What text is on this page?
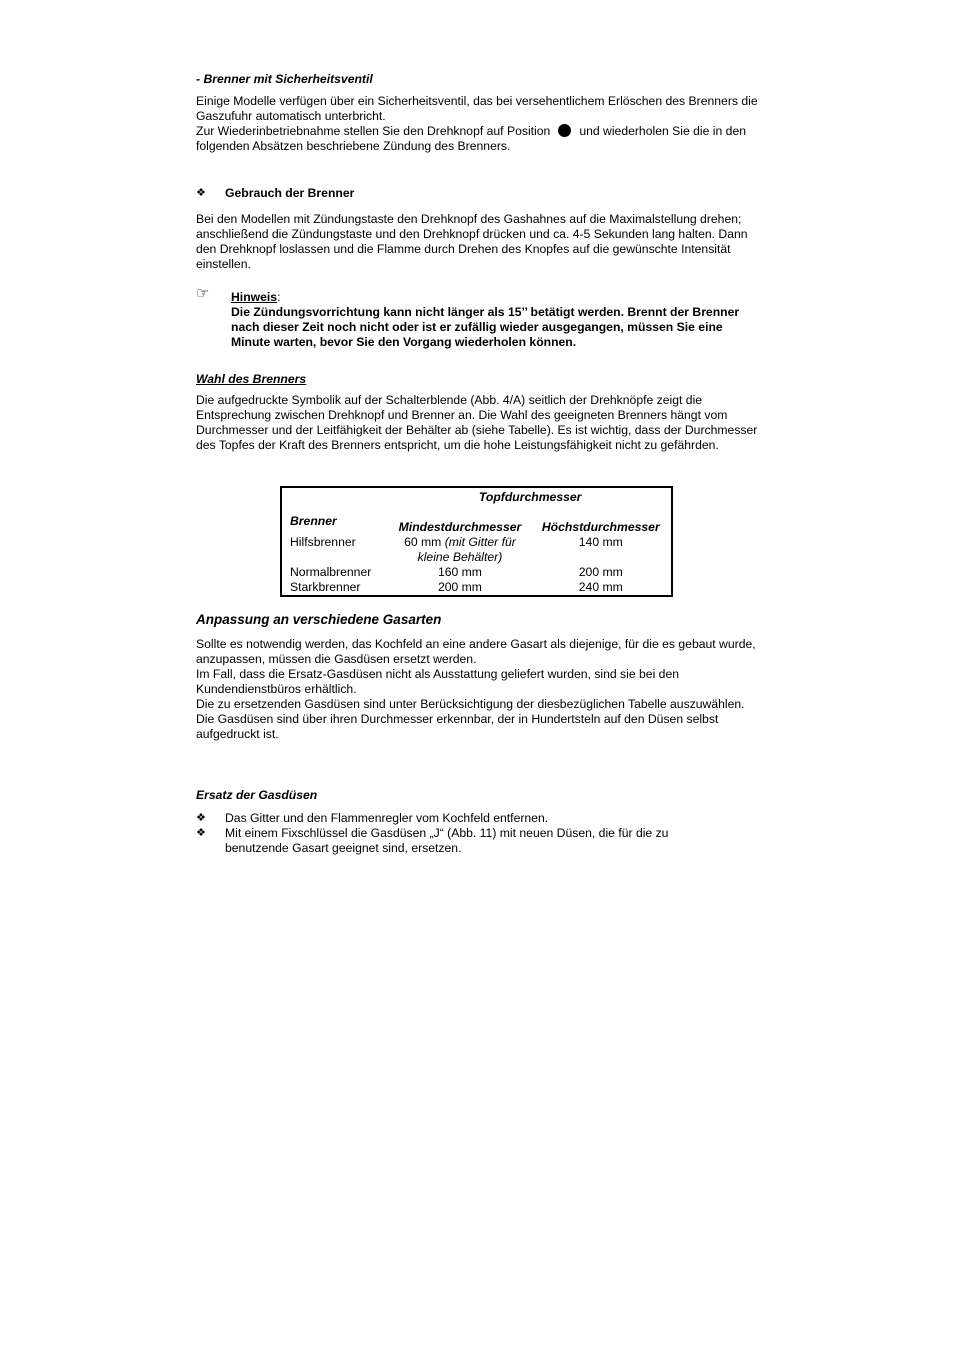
- Brenner mit Sicherheitsventil

Einige Modelle verfügen über ein Sicherheitsventil, das bei versehentlichem Erlöschen des Brenners die Gaszufuhr automatisch unterbricht.

Zur Wiederinbetriebnahme stellen Sie den Drehknopf auf Position und wiederholen Sie die in den folgenden Absätzen beschriebene Zündung des Brenners.

❖	Gebrauch der Brenner

Bei den Modellen mit Zündungstaste den Drehknopf des Gashahnes auf die Maximalstellung drehen; anschließend die Zündungstaste und den Drehknopf drücken und ca. 4-5 Sekunden lang halten. Dann den Drehknopf loslassen und die Flamme durch Drehen des Knopfes auf die gewünschte Intensität einstellen.

☞	Hinweis:

Die Zündungsvorrichtung kann nicht länger als 15’’ betätigt werden. Brennt der Brenner nach dieser Zeit noch nicht oder ist er zufällig wieder ausgegangen, müssen Sie eine Minute warten, bevor Sie den Vorgang wiederholen können.

Wahl des Brenners

Die aufgedruckte Symbolik auf der Schalterblende (Abb. 4/A) seitlich der Drehknöpfe zeigt die Entsprechung zwischen Drehknopf und Brenner an. Die Wahl des geeigneten Brenners hängt vom Durchmesser und der Leitfähigkeit der Behälter ab (siehe Tabelle). Es ist wichtig, dass der Durchmesser des Topfes der Kraft des Brenners entspricht, um die hohe Leistungsfähigkeit nicht zu gefährden.

Anpassung an verschiedene Gasarten

Sollte es notwendig werden, das Kochfeld an eine andere Gasart als diejenige, für die es gebaut wurde, anzupassen, müssen die Gasdüsen ersetzt werden.

Im Fall, dass die Ersatz-Gasdüsen nicht als Ausstattung geliefert wurden, sind sie bei den Kundendienstbüros erhältlich.

Die zu ersetzenden Gasdüsen sind unter Berücksichtigung der diesbezüglichen Tabelle auszuwählen.

Die Gasdüsen sind über ihren Durchmesser erkennbar, der in Hundertsteln auf den Düsen selbst aufgedruckt ist.

Ersatz der Gasdüsen

❖	Das Gitter und den Flammenregler vom Kochfeld entfernen.
❖	Mit einem Fixschlüssel die Gasdüsen „J“ (Abb. 11) mit neuen Düsen, die für die zu benutzende Gasart geeignet sind, ersetzen.
	Topfdurchmesser	
Brenner	Mindestdurchmesser	Höchstdurchmesser
Hilfsbrenner	60 mm (mit Gitter für kleine Behälter)	140 mm
Normalbrenner	160 mm	200 mm
Starkbrenner	200 mm	240 mm
